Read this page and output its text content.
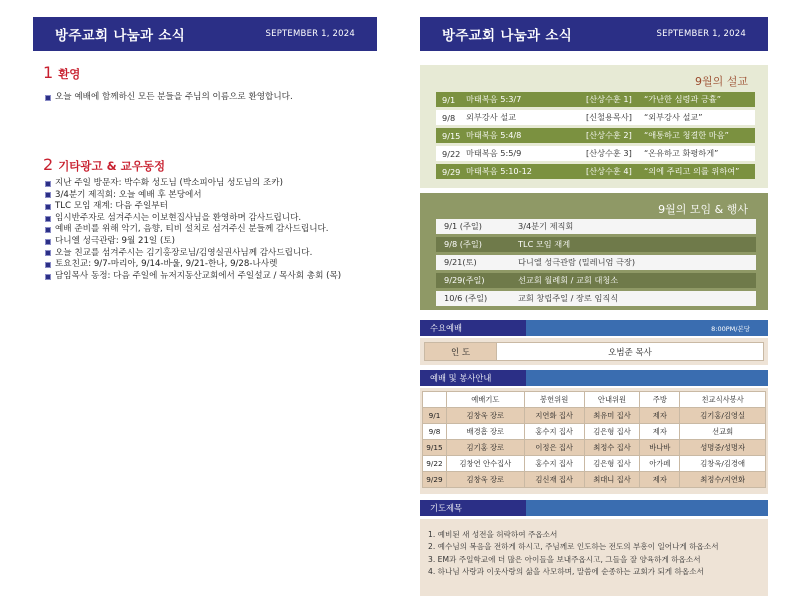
방주교회 나눔과 소식	SEPTEMBER 1, 2024	방주교회 나눔과 소식	SEPTEMBER 1, 2024
1 환영
오늘 예배에 함께하신 모든 분들을 주님의 이름으로 환영합니다.
2 기타광고 & 교우동정
지난 주일 방문자: 박수화 성도님 (박소피아님 성도님의 조카)
3/4분기 제직회: 오늘 예배 후 본당에서
TLC 모임 재계: 다음 주일부터
임시반주자로 섬겨주시는 이보현집사님을 환영하며 감사드립니다.
예배 준비를 위해 악기, 음향, 티비 설치로 섬겨주신 분들께 감사드립니다.
다니엘 성극관람: 9월 21일 (토)
오늘 친교를 섬겨주시는 김기홍장로님/김영실권사님께 감사드립니다.
토요친교: 9/7-마리아, 9/14-바울, 9/21-한나, 9/28-나사렛
담임목사 동정: 다음 주일에 뉴저지동산교회에서 주일설교 / 목사회 총회 (목)
9월의 설교
9/1	마태복음 5:3/7	[산상수훈 1]	“가난한 심령과 긍휼”
9/8	외부강사 설교	[신철용목사]	“외부강사 설교”
9/15 마태복음 5:4/8	[산상수훈 2]	“애통하고 청결한 마음”
9/22 마태복음 5:5/9	[산상수훈 3]	“온유하고 화평하게”
9/29 마태복음 5:10-12	[산상수훈 4]	“의에 주리고 의를 위하여”
9월의 모임 & 행사
9/1 (주일)	3/4분기 제직회
9/8 (주일)	TLC 모임 재계
9/21(토)	다니엘 성극관람 (밀레니엄 극장)
9/29(주일)	선교회 월례회 / 교회 대청소
10/6 (주일)	교회 창립주일 / 장로 임직식
수요예배	8:00PM/본당
인 도	오범준 목사
예배 및 봉사안내
	예배기도	봉헌위원	안내위원	주방	친교식사봉사
9/1	김창욱 장로	지연화 집사	최유미 집사	제자	김기홍/김영실
9/8	배경흠 장로	홍수지 집사	김은형 집사	제자	선교회
9/15	김기홍 장로	이정은 집사	최정수 집사	바나바	성명중/성명자
9/22	김창연 안수집사	홍수지 집사	김은형 집사	아가페	김창욱/김경애
9/29	김창욱 장로	김신재 집사	최대니 집사	제자	최정수/지연화
기도제목
1. 예비된 새 성전을 허락하여 주옵소서
2. 예수님의 복음을 전하게 하시고, 주님께로 인도하는 전도의 부흥이 일어나게 하옵소서
3. EM과 주일학교에 더 많은 아이들을 보내주옵시고, 그들을 잘 양육하게 하옵소서
4. 하나님 사랑과 이웃사랑의 삶을 사모하며, 말씀에 순종하는 교회가 되게 하옵소서
